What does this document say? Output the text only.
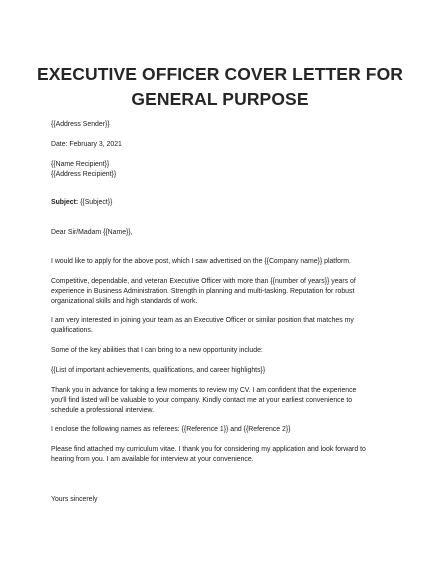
EXECUTIVE OFFICER COVER LETTER FOR
GENERAL PURPOSE

{{Address Sender}}

Date: February 3, 2021

{{Name Recipient}}

{{Address Recipient}}

Subject: {{Subject}}

Dear Sir/Madam {{Name}},

I would like to apply for the above post, which I saw advertised on the {{Company name}} platform.

Competitive, dependable, and veteran Executive Officer with more than {{number of years}} years of

experience in Business Administration. Strength in planning and multi-tasking. Reputation for robust

organizational skills and high standards of work.

I am very interested in joining your team as an Executive Officer or similar position that matches my

qualifications.

Some of the key abilities that I can bring to a new opportunity include:

{{List of important achievements, qualifications, and career highlights}}

Thank you in advance for taking a few moments to review my CV. I am confident that the experience

you'll find listed will be valuable to your company. Kindly contact me at your earliest convenience to

schedule a professional interview.

I enclose the following names as referees: {{Reference 1}} and {{Reference 2}}

Please find attached my curriculum vitae. I thank you for considering my application and look forward to

hearing from you. I am available for interview at your convenience.

Yours sincerely
